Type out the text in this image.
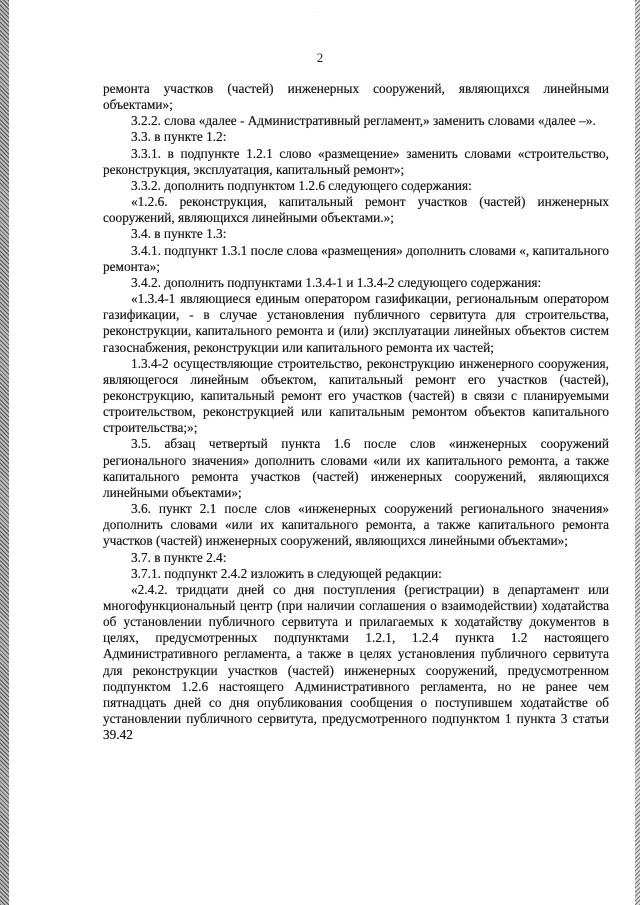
· · · · ·
2

ремонта участков (частей) инженерных сооружений, являющихся линейными объектами»;

3.2.2. слова «далее - Административный регламент,» заменить словами «далее –».

3.3. в пункте 1.2:

3.3.1. в подпункте 1.2.1 слово «размещение» заменить словами «строительство, реконструкция, эксплуатация, капитальный ремонт»;

3.3.2. дополнить подпунктом 1.2.6 следующего содержания:

«1.2.6. реконструкция, капитальный ремонт участков (частей) инженерных сооружений, являющихся линейными объектами.»;

3.4. в пункте 1.3:

3.4.1. подпункт 1.3.1 после слова «размещения» дополнить словами «, капитального ремонта»;

3.4.2. дополнить подпунктами 1.3.4-1 и 1.3.4-2 следующего содержания:

«1.3.4-1 являющиеся единым оператором газификации, региональным оператором газификации, - в случае установления публичного сервитута для строительства, реконструкции, капитального ремонта и (или) эксплуатации линейных объектов систем газоснабжения, реконструкции или капитального ремонта их частей;

1.3.4-2 осуществляющие строительство, реконструкцию инженерного сооружения, являющегося линейным объектом, капитальный ремонт его участков (частей), реконструкцию, капитальный ремонт его участков (частей) в связи с планируемыми строительством, реконструкцией или капитальным ремонтом объектов капитального строительства;»;

3.5. абзац четвертый пункта 1.6 после слов «инженерных сооружений регионального значения» дополнить словами «или их капитального ремонта, а также капитального ремонта участков (частей) инженерных сооружений, являющихся линейными объектами»;

3.6. пункт 2.1 после слов «инженерных сооружений регионального значения» дополнить словами «или их капитального ремонта, а также капитального ремонта участков (частей) инженерных сооружений, являющихся линейными объектами»;

3.7. в пункте 2.4:

3.7.1. подпункт 2.4.2 изложить в следующей редакции:

«2.4.2. тридцати дней со дня поступления (регистрации) в департамент или многофункциональный центр (при наличии соглашения о взаимодействии) ходатайства об установлении публичного сервитута и прилагаемых к ходатайству документов в целях, предусмотренных подпунктами 1.2.1, 1.2.4 пункта 1.2 настоящего Административного регламента, а также в целях установления публичного сервитута для реконструкции участков (частей) инженерных сооружений, предусмотренном подпунктом 1.2.6 настоящего Административного регламента, но не ранее чем пятнадцать дней со дня опубликования сообщения о поступившем ходатайстве об установлении публичного сервитута, предусмотренного подпунктом 1 пункта 3 статьи 39.42
